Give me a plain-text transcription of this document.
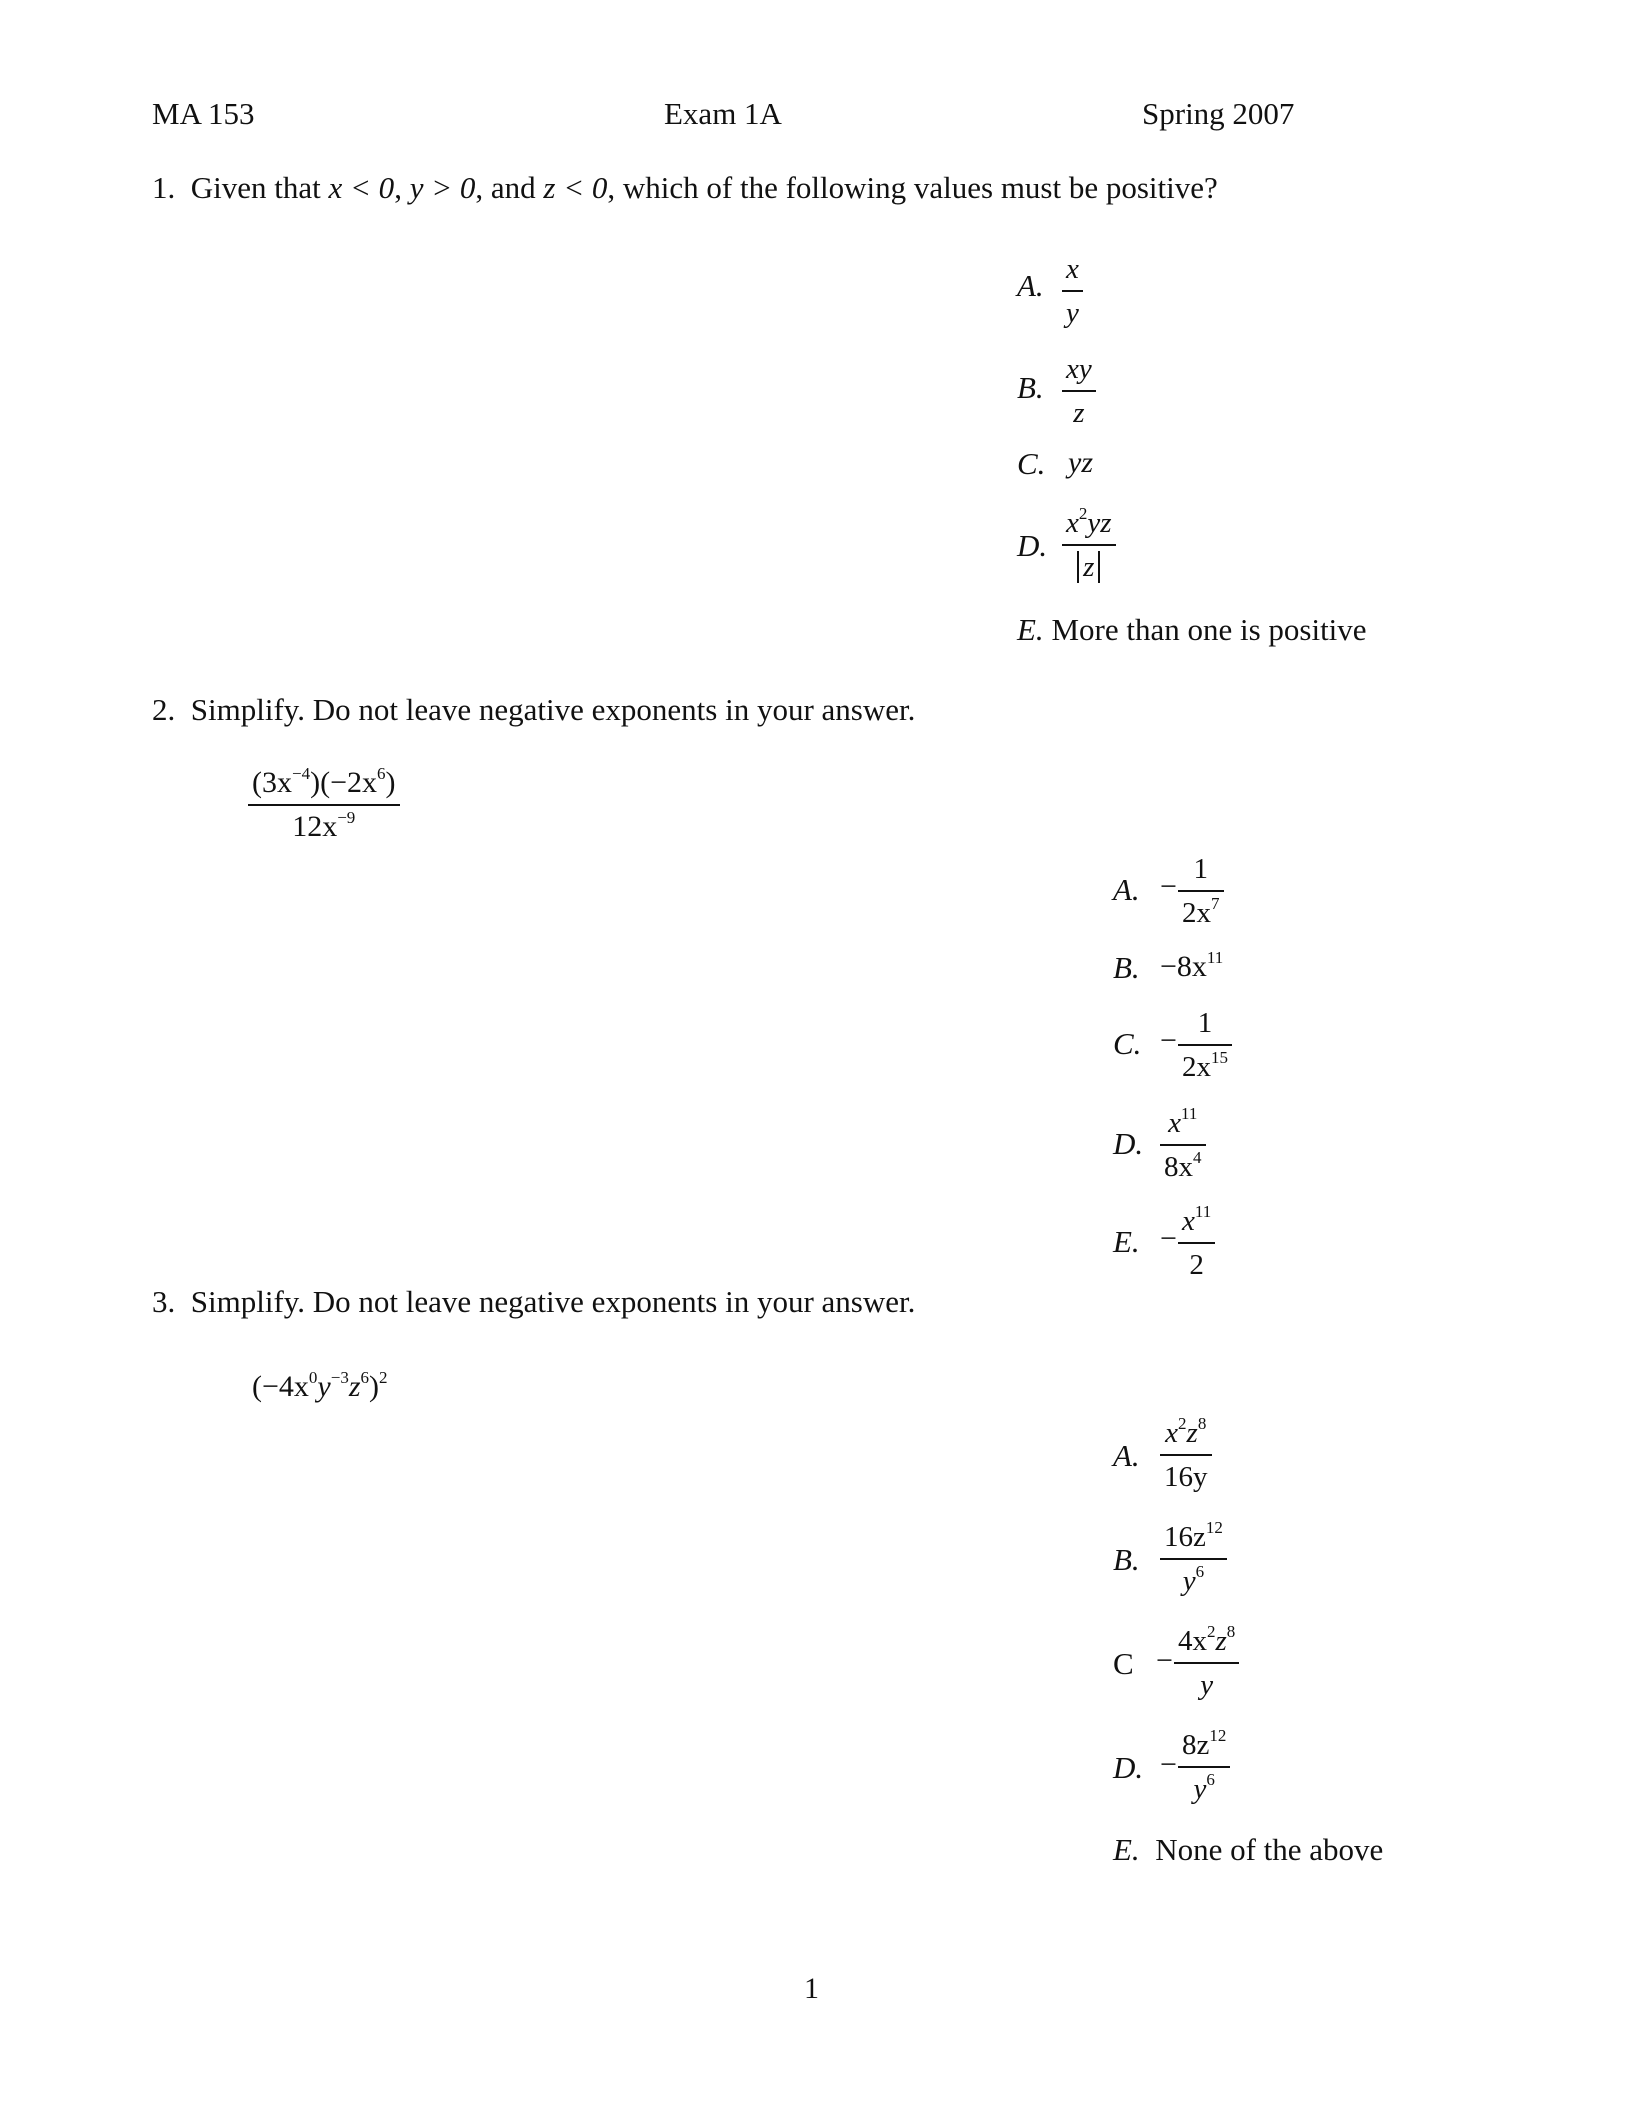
MA 153	Exam 1A	Spring 2007
1. Given that x < 0, y > 0, and z < 0, which of the following values must be positive?
A. x
y
B.
xy
z
C. yz
D.
$x^2yz$
z
E. More than one is positive
2. Simplify. Do not leave negative exponents in your answer.
$(3x^{-4})(-2x^6)$
$12x^{-9}$
A. −
1
$2x^7$
B. $-8x^{11}$
C. −
1
$2x^{15}$
D.
$x^{11}$
$8x^4$
E. −
$x^{11}$
2
3. Simplify. Do not leave negative exponents in your answer.
$(-4x^0y^{-3}z^6)^2$
A.
$x^2z^8$
16y
B.
$16z^{12}$
$y^6$
C −
$4x^2z^8$
y
D. −
$8z^{12}$
$y^6$
E. None of the above
1
